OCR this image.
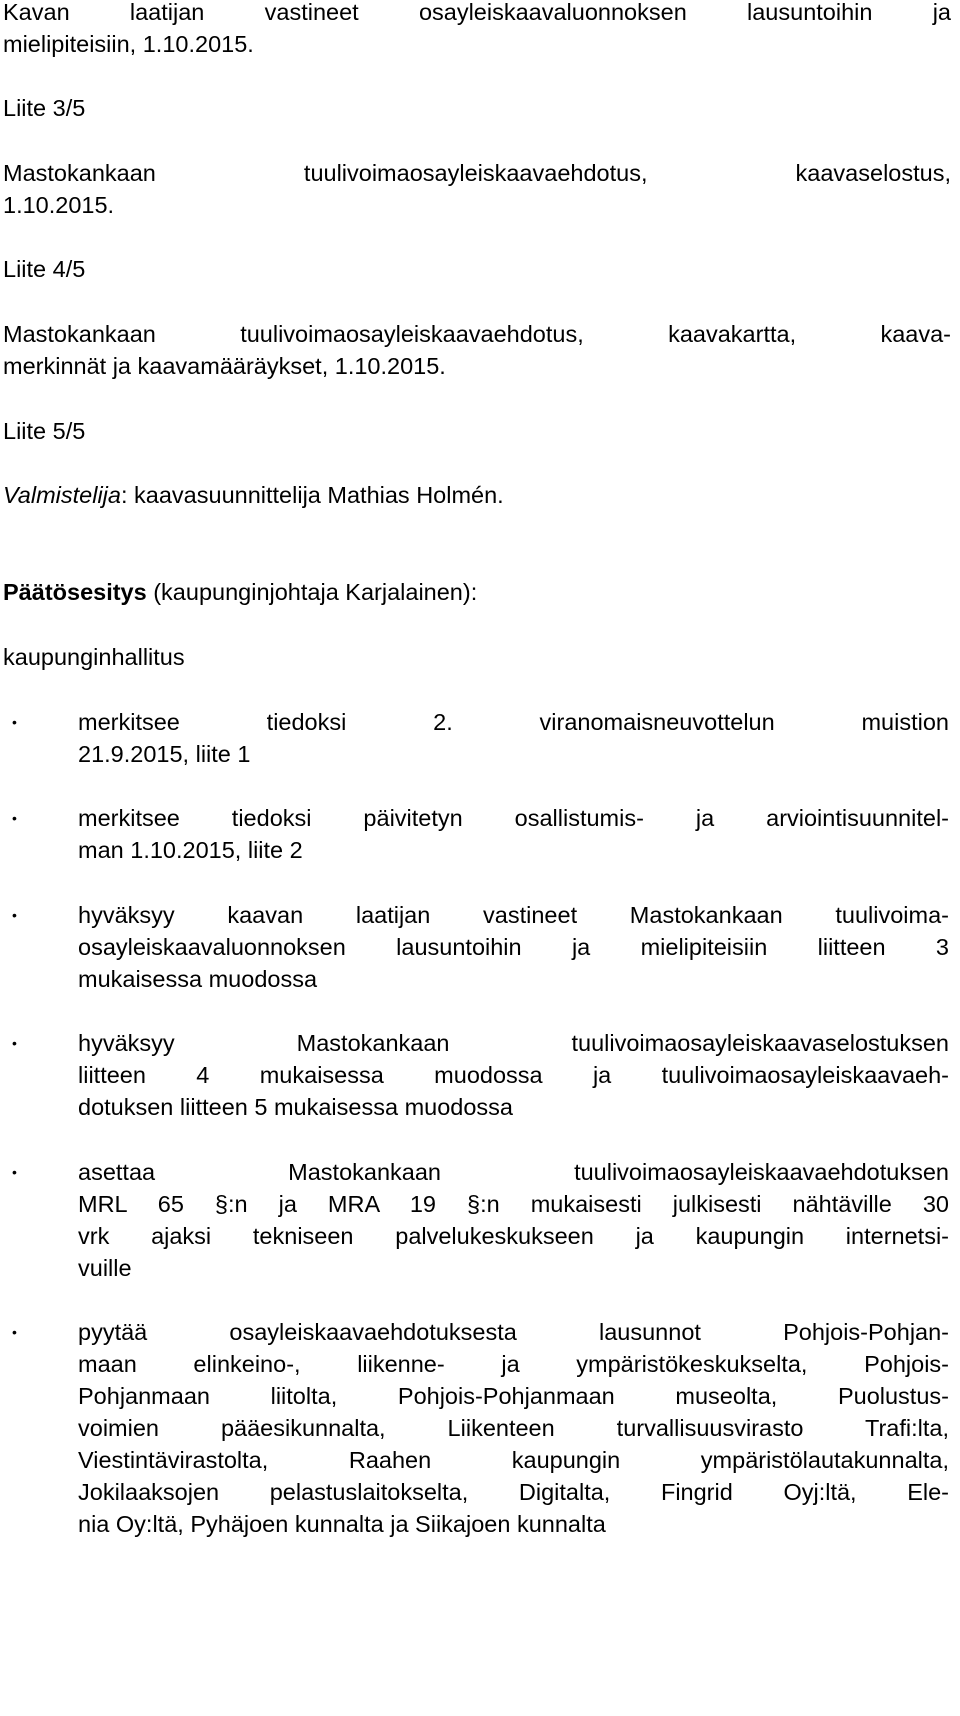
Kavan laatijan vastineet osayleiskaavaluonnoksen lausuntoihin ja
mielipiteisiin, 1.10.2015.
Liite 3/5
Mastokankaan tuulivoimaosayleiskaavaehdotus, kaavaselostus,
1.10.2015.
Liite 4/5
Mastokankaan tuulivoimaosayleiskaavaehdotus, kaavakartta, kaava-
merkinnät ja kaavamääräykset, 1.10.2015.
Liite 5/5
Valmistelija: kaavasuunnittelija Mathias Holmén.
Päätösesitys (kaupunginjohtaja Karjalainen):
kaupunginhallitus
•	merkitsee tiedoksi 2. viranomaisneuvottelun muistion
21.9.2015, liite 1
•	merkitsee tiedoksi päivitetyn osallistumis- ja arviointisuunnitel-
man 1.10.2015, liite 2
•	hyväksyy kaavan laatijan vastineet Mastokankaan tuulivoima-
osayleiskaavaluonnoksen lausuntoihin ja mielipiteisiin liitteen 3
mukaisessa muodossa
•	hyväksyy Mastokankaan tuulivoimaosayleiskaavaselostuksen
liitteen 4 mukaisessa muodossa ja tuulivoimaosayleiskaavaeh-
dotuksen liitteen 5 mukaisessa muodossa
•	asettaa Mastokankaan tuulivoimaosayleiskaavaehdotuksen
MRL 65 §:n ja MRA 19 §:n mukaisesti julkisesti nähtäville 30
vrk ajaksi tekniseen palvelukeskukseen ja kaupungin internetsi-
vuille
•	pyytää osayleiskaavaehdotuksesta lausunnot Pohjois-Pohjan-
maan elinkeino-, liikenne- ja ympäristökeskukselta, Pohjois-
Pohjanmaan liitolta, Pohjois-Pohjanmaan museolta, Puolustus-
voimien pääesikunnalta, Liikenteen turvallisuusvirasto Trafi:lta,
Viestintävirastolta, Raahen kaupungin ympäristölautakunnalta,
Jokilaaksojen pelastuslaitokselta, Digitalta, Fingrid Oyj:ltä, Ele-
nia Oy:ltä, Pyhäjoen kunnalta ja Siikajoen kunnalta
